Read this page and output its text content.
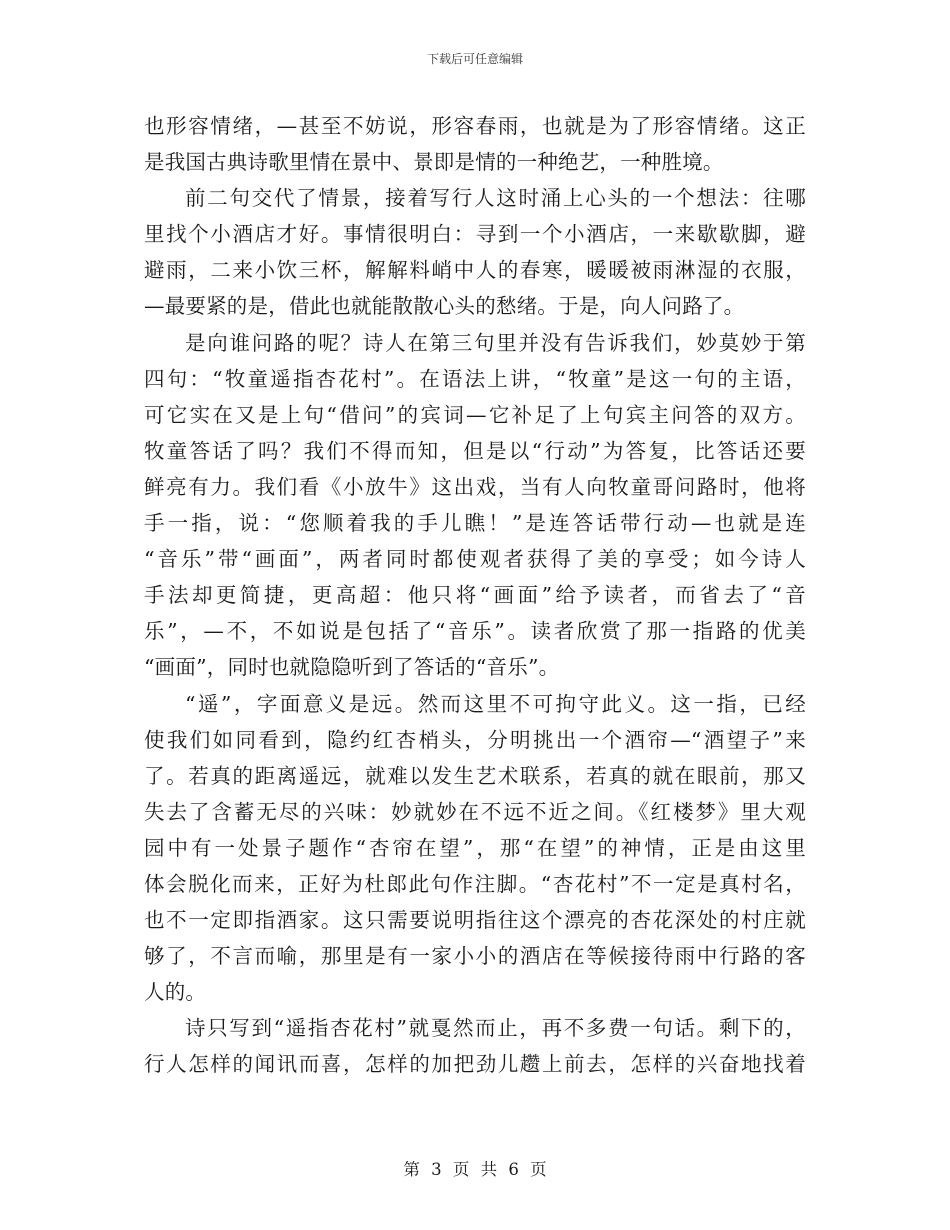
下载后可任意编辑
也形容情绪，—甚至不妨说，形容春雨，也就是为了形容情绪。这正
是我国古典诗歌里情在景中、景即是情的一种绝艺，一种胜境。
前二句交代了情景，接着写行人这时涌上心头的一个想法：往哪
里找个小酒店才好。事情很明白：寻到一个小酒店，一来歇歇脚，避
避雨，二来小饮三杯，解解料峭中人的春寒，暖暖被雨淋湿的衣服，
—最要紧的是，借此也就能散散心头的愁绪。于是，向人问路了。
是向谁问路的呢？诗人在第三句里并没有告诉我们，妙莫妙于第
四句：“牧童遥指杏花村”。在语法上讲，“牧童”是这一句的主语，
可它实在又是上句“借问”的宾词—它补足了上句宾主问答的双方。
牧童答话了吗？我们不得而知，但是以“行动”为答复，比答话还要
鲜亮有力。我们看《小放牛》这出戏，当有人向牧童哥问路时，他将
手一指，说：“您顺着我的手儿瞧！”是连答话带行动—也就是连
“音乐”带“画面”，两者同时都使观者获得了美的享受；如今诗人
手法却更简捷，更高超：他只将“画面”给予读者，而省去了“音
乐”，—不，不如说是包括了“音乐”。读者欣赏了那一指路的优美
“画面”，同时也就隐隐听到了答话的“音乐”。
“遥”，字面意义是远。然而这里不可拘守此义。这一指，已经
使我们如同看到，隐约红杏梢头，分明挑出一个酒帘—“酒望子”来
了。若真的距离遥远，就难以发生艺术联系，若真的就在眼前，那又
失去了含蓄无尽的兴味：妙就妙在不远不近之间。《红楼梦》里大观
园中有一处景子题作“杏帘在望”，那“在望”的神情，正是由这里
体会脱化而来，正好为杜郎此句作注脚。“杏花村”不一定是真村名，
也不一定即指酒家。这只需要说明指往这个漂亮的杏花深处的村庄就
够了，不言而喻，那里是有一家小小的酒店在等候接待雨中行路的客
人的。
诗只写到“遥指杏花村”就戛然而止，再不多费一句话。剩下的，
行人怎样的闻讯而喜，怎样的加把劲儿趱上前去，怎样的兴奋地找着
第 3 页 共 6 页
